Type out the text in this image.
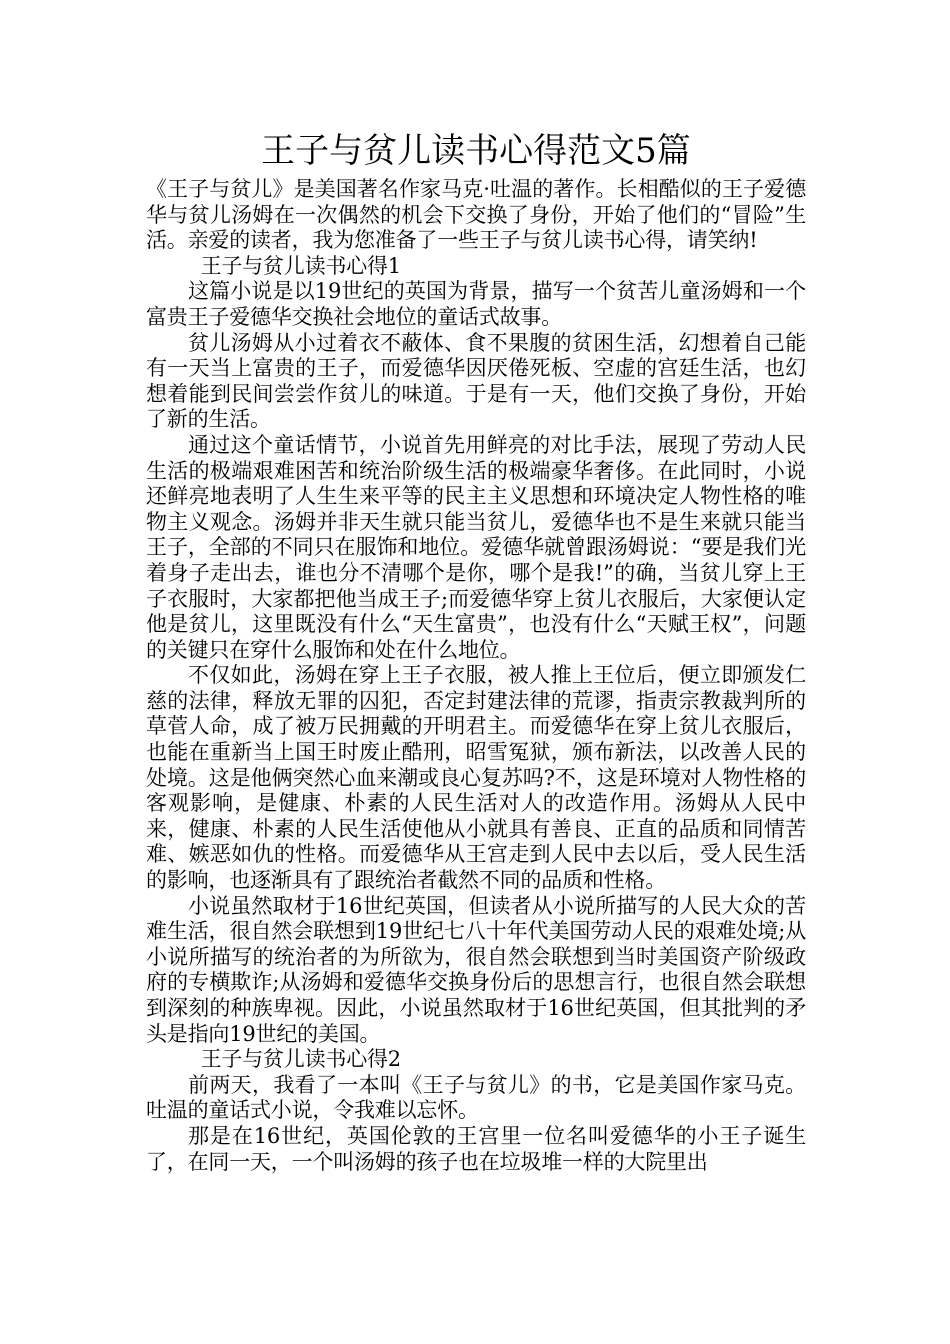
王子与贫儿读书心得范文5篇

《王子与贫儿》是美国著名作家马克·吐温的著作。长相酷似的王子爱德华与贫儿汤姆在一次偶然的机会下交换了身份，开始了他们的“冒险”生活。亲爱的读者，我为您准备了一些王子与贫儿读书心得，请笑纳!

王子与贫儿读书心得1

这篇小说是以19世纪的英国为背景，描写一个贫苦儿童汤姆和一个富贵王子爱德华交换社会地位的童话式故事。

贫儿汤姆从小过着衣不蔽体、食不果腹的贫困生活，幻想着自己能有一天当上富贵的王子，而爱德华因厌倦死板、空虚的宫廷生活，也幻想着能到民间尝尝作贫儿的味道。于是有一天，他们交换了身份，开始了新的生活。

通过这个童话情节，小说首先用鲜亮的对比手法，展现了劳动人民生活的极端艰难困苦和统治阶级生活的极端豪华奢侈。在此同时，小说还鲜亮地表明了人生生来平等的民主主义思想和环境决定人物性格的唯物主义观念。汤姆并非天生就只能当贫儿，爱德华也不是生来就只能当王子，全部的不同只在服饰和地位。爱德华就曾跟汤姆说：“要是我们光着身子走出去，谁也分不清哪个是你，哪个是我!”的确，当贫儿穿上王子衣服时，大家都把他当成王子;而爱德华穿上贫儿衣服后，大家便认定他是贫儿，这里既没有什么“天生富贵”，也没有什么“天赋王权”，问题的关键只在穿什么服饰和处在什么地位。

不仅如此，汤姆在穿上王子衣服，被人推上王位后，便立即颁发仁慈的法律，释放无罪的囚犯，否定封建法律的荒谬，指责宗教裁判所的草菅人命，成了被万民拥戴的开明君主。而爱德华在穿上贫儿衣服后，也能在重新当上国王时废止酷刑，昭雪冤狱，颁布新法，以改善人民的处境。这是他俩突然心血来潮或良心复苏吗?不，这是环境对人物性格的客观影响，是健康、朴素的人民生活对人的改造作用。汤姆从人民中来，健康、朴素的人民生活使他从小就具有善良、正直的品质和同情苦难、嫉恶如仇的性格。而爱德华从王宫走到人民中去以后，受人民生活的影响，也逐渐具有了跟统治者截然不同的品质和性格。

小说虽然取材于16世纪英国，但读者从小说所描写的人民大众的苦难生活，很自然会联想到19世纪七八十年代美国劳动人民的艰难处境;从小说所描写的统治者的为所欲为，很自然会联想到当时美国资产阶级政府的专横欺诈;从汤姆和爱德华交换身份后的思想言行，也很自然会联想到深刻的种族卑视。因此，小说虽然取材于16世纪英国，但其批判的矛头是指向19世纪的美国。

王子与贫儿读书心得2

前两天，我看了一本叫《王子与贫儿》的书，它是美国作家马克。吐温的童话式小说，令我难以忘怀。

那是在16世纪，英国伦敦的王宫里一位名叫爱德华的小王子诞生了，在同一天，一个叫汤姆的孩子也在垃圾堆一样的大院里出
